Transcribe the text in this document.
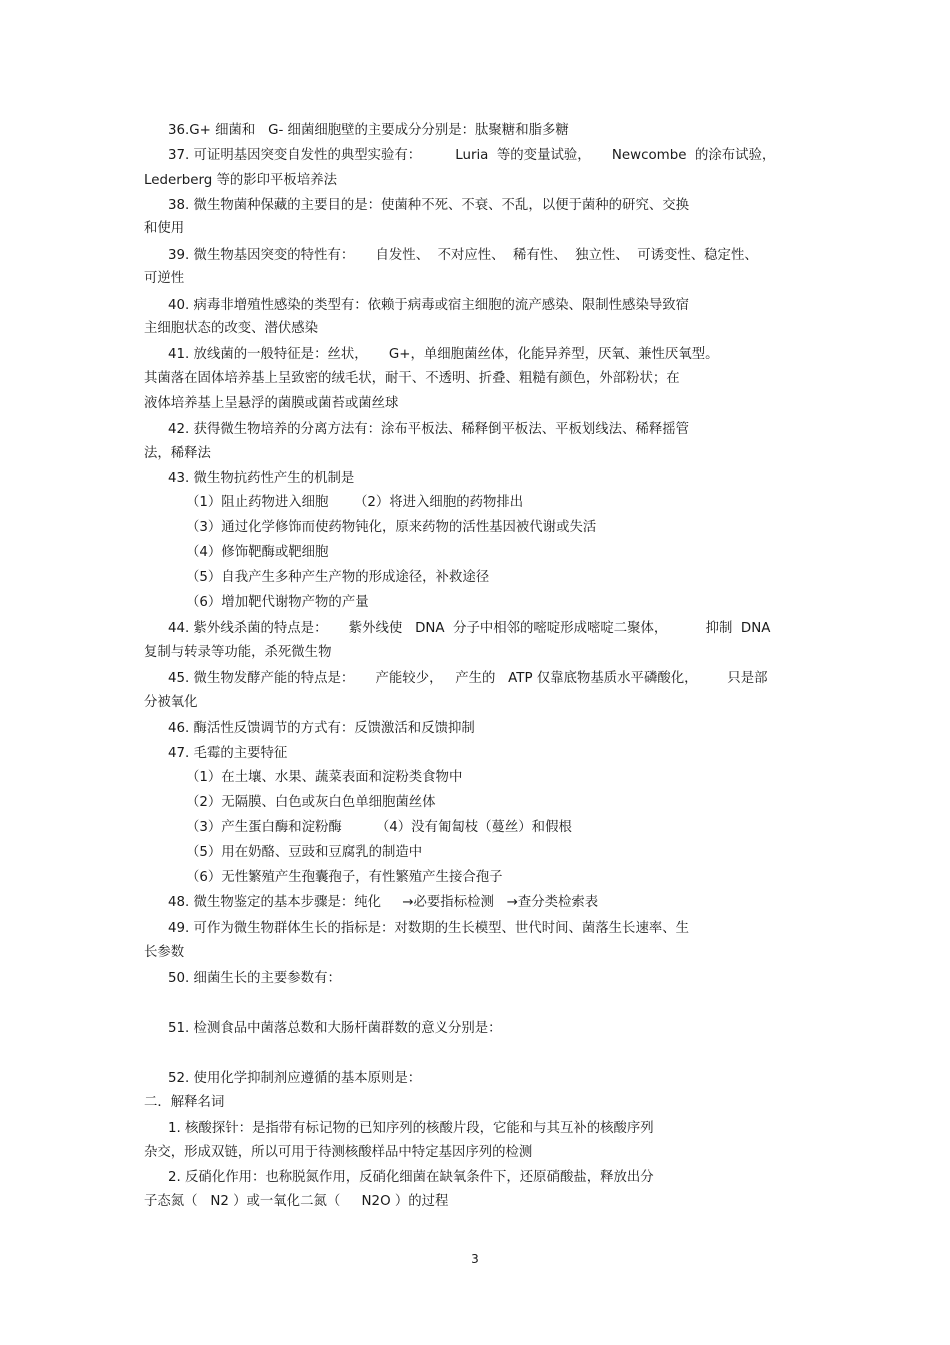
36.G+ 细菌和   G- 细菌细胞壁的主要成分分别是：肽聚糖和脂多糖

37. 可证明基因突变自发性的典型实验有：        Luria  等的变量试验，     Newcombe  的涂布试验，

Lederberg 等的影印平板培养法

38. 微生物菌种保藏的主要目的是：使菌种不死、不衰、不乱，以便于菌种的研究、交换

和使用

39. 微生物基因突变的特性有：     自发性、  不对应性、  稀有性、  独立性、  可诱变性、稳定性、

可逆性

40. 病毒非增殖性感染的类型有：依赖于病毒或宿主细胞的流产感染、限制性感染导致宿

主细胞状态的改变、潜伏感染

41. 放线菌的一般特征是：丝状，     G+，单细胞菌丝体，化能异养型，厌氧、兼性厌氧型。

其菌落在固体培养基上呈致密的绒毛状，耐干、不透明、折叠、粗糙有颜色，外部粉状；在

液体培养基上呈悬浮的菌膜或菌苔或菌丝球

42. 获得微生物培养的分离方法有：涂布平板法、稀释倒平板法、平板划线法、稀释摇管

法，稀释法

43. 微生物抗药性产生的机制是

（1）阻止药物进入细胞      （2）将进入细胞的药物排出

（3）通过化学修饰而使药物钝化，原来药物的活性基因被代谢或失活

（4）修饰靶酶或靶细胞

（5）自我产生多种产生产物的形成途径，补救途径

（6）增加靶代谢物产物的产量

44. 紫外线杀菌的特点是：     紫外线使   DNA  分子中相邻的嘧啶形成嘧啶二聚体，         抑制  DNA

复制与转录等功能，杀死微生物

45. 微生物发酵产能的特点是：     产能较少，   产生的   ATP 仅靠底物基质水平磷酸化，       只是部

分被氧化

46. 酶活性反馈调节的方式有：反馈激活和反馈抑制

47. 毛霉的主要特征

（1）在土壤、水果、蔬菜表面和淀粉类食物中

（2）无隔膜、白色或灰白色单细胞菌丝体

（3）产生蛋白酶和淀粉酶        （4）没有匍匐枝（蔓丝）和假根

（5）用在奶酪、豆豉和豆腐乳的制造中

（6）无性繁殖产生孢囊孢子，有性繁殖产生接合孢子

48. 微生物鉴定的基本步骤是：纯化     →必要指标检测   →查分类检索表

49. 可作为微生物群体生长的指标是：对数期的生长模型、世代时间、菌落生长速率、生

长参数

50. 细菌生长的主要参数有：

51. 检测食品中菌落总数和大肠杆菌群数的意义分别是：

52. 使用化学抑制剂应遵循的基本原则是：

二．解释名词

1. 核酸探针：是指带有标记物的已知序列的核酸片段，它能和与其互补的核酸序列

杂交，形成双链，所以可用于待测核酸样品中特定基因序列的检测

2. 反硝化作用：也称脱氮作用，反硝化细菌在缺氧条件下，还原硝酸盐，释放出分

子态氮（   N2 ）或一氧化二氮（     N2O ）的过程

3
